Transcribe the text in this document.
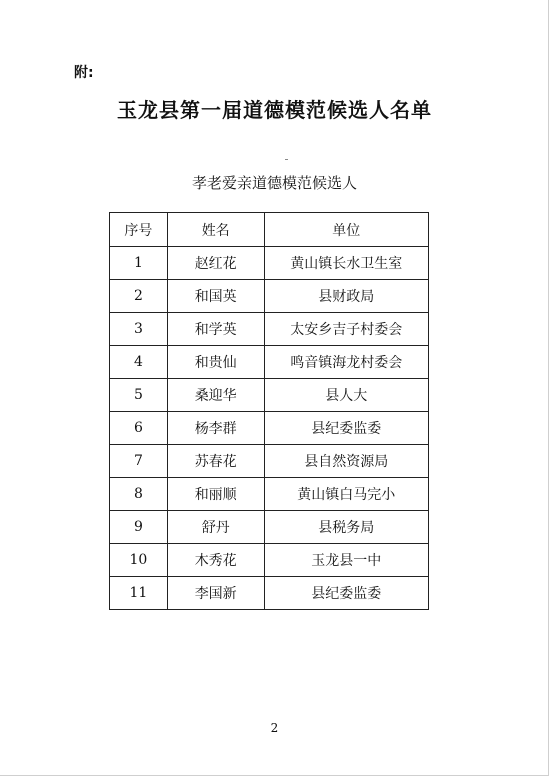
附:
玉龙县第一届道德模范候选人名单
孝老爱亲道德模范候选人
序号	姓名	单位
1	赵红花	黄山镇长水卫生室
2	和国英	县财政局
3	和学英	太安乡吉子村委会
4	和贵仙	鸣音镇海龙村委会
5	桑迎华	县人大
6	杨李群	县纪委监委
7	苏春花	县自然资源局
8	和丽顺	黄山镇白马完小
9	舒丹	县税务局
10	木秀花	玉龙县一中
11	李国新	县纪委监委
2
